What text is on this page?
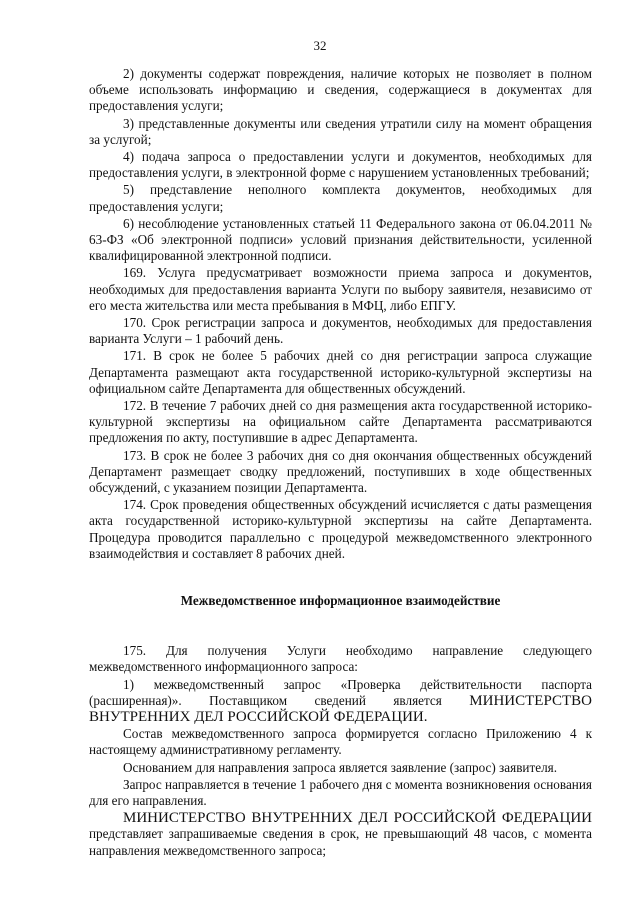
32

2) документы содержат повреждения, наличие которых не позволяет в полном объеме использовать информацию и сведения, содержащиеся в документах для предоставления услуги;

3) представленные документы или сведения утратили силу на момент обращения за услугой;

4) подача запроса о предоставлении услуги и документов, необходимых для предоставления услуги, в электронной форме с нарушением установленных требований;

5) представление неполного комплекта документов, необходимых для предоставления услуги;

6) несоблюдение установленных статьей 11 Федерального закона от 06.04.2011 № 63-ФЗ «Об электронной подписи» условий признания действительности, усиленной квалифицированной электронной подписи.

169. Услуга предусматривает возможности приема запроса и документов, необходимых для предоставления варианта Услуги по выбору заявителя, независимо от его места жительства или места пребывания в МФЦ, либо ЕПГУ.

170. Срок регистрации запроса и документов, необходимых для предоставления варианта Услуги – 1 рабочий день.

171. В срок не более 5 рабочих дней со дня регистрации запроса служащие Департамента размещают акта государственной историко-культурной экспертизы на официальном сайте Департамента для общественных обсуждений.

172. В течение 7 рабочих дней со дня размещения акта государственной историко-культурной экспертизы на официальном сайте Департамента рассматриваются предложения по акту, поступившие в адрес Департамента.

173. В срок не более 3 рабочих дня со дня окончания общественных обсуждений Департамент размещает сводку предложений, поступивших в ходе общественных обсуждений, с указанием позиции Департамента.

174. Срок проведения общественных обсуждений исчисляется с даты размещения акта государственной историко-культурной экспертизы на сайте Департамента. Процедура проводится параллельно с процедурой межведомственного электронного взаимодействия и составляет 8 рабочих дней.

Межведомственное информационное взаимодействие

175. Для получения Услуги необходимо направление следующего межведомственного информационного запроса:

1) межведомственный запрос «Проверка действительности паспорта (расширенная)». Поставщиком сведений является МИНИСТЕРСТВО ВНУТРЕННИХ ДЕЛ РОССИЙСКОЙ ФЕДЕРАЦИИ.

Состав межведомственного запроса формируется согласно Приложению 4 к настоящему административному регламенту.

Основанием для направления запроса является заявление (запрос) заявителя.

Запрос направляется в течение 1 рабочего дня с момента возникновения основания для его направления.

МИНИСТЕРСТВО ВНУТРЕННИХ ДЕЛ РОССИЙСКОЙ ФЕДЕРАЦИИ представляет запрашиваемые сведения в срок, не превышающий 48 часов, с момента направления межведомственного запроса;
